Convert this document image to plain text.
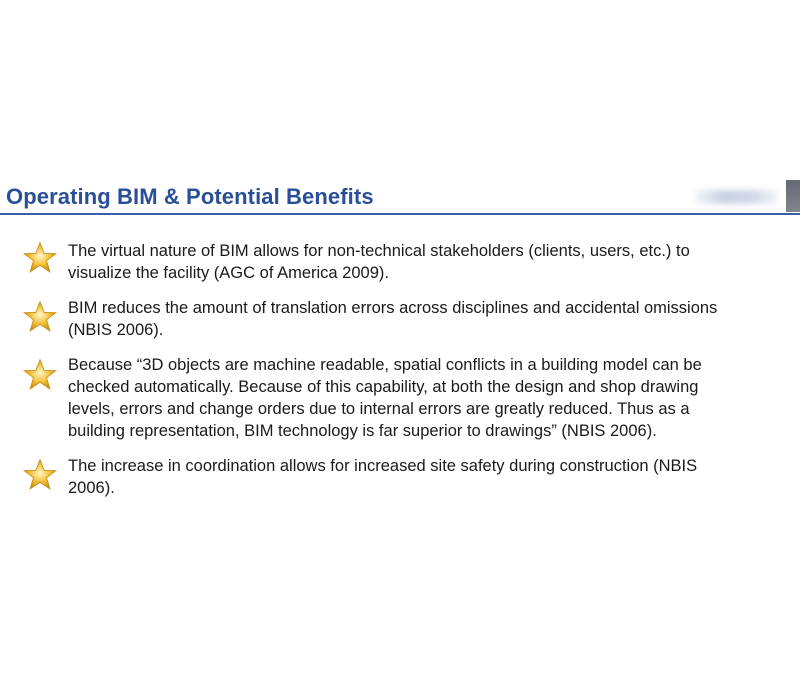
Operating BIM & Potential Benefits
The virtual nature of BIM allows for non-technical stakeholders (clients, users, etc.) to
visualize the facility (AGC of America 2009).
BIM reduces the amount of translation errors across disciplines and accidental omissions
(NBIS 2006).
Because “3D objects are machine readable, spatial conflicts in a building model can be
checked automatically. Because of this capability, at both the design and shop drawing
levels, errors and change orders due to internal errors are greatly reduced. Thus as a
building representation, BIM technology is far superior to drawings” (NBIS 2006).
The increase in coordination allows for increased site safety during construction (NBIS
2006).
